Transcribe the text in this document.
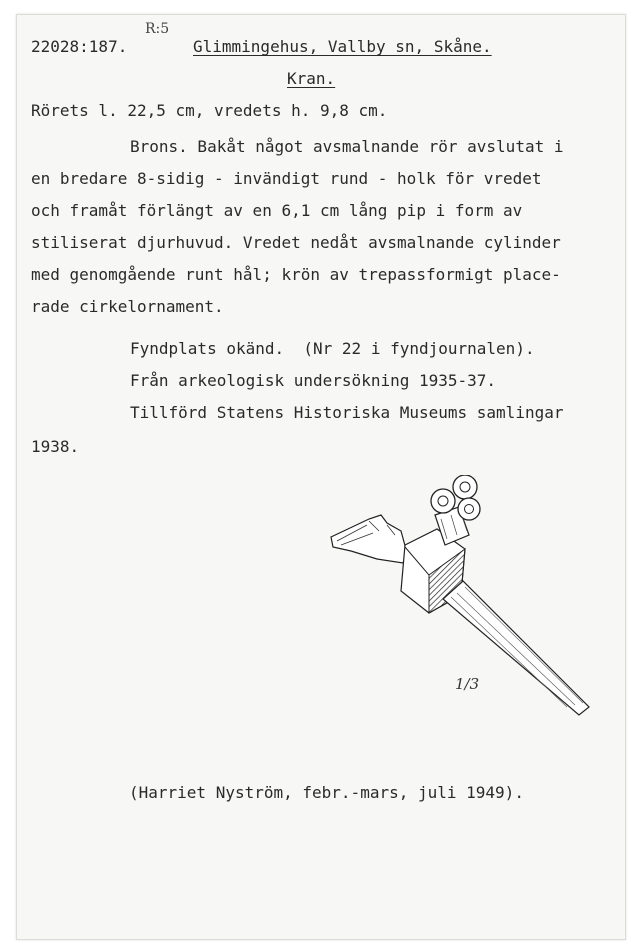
22028:187.
R:5
Glimmingehus, Vallby sn, Skåne.
Kran.
Rörets l. 22,5 cm, vredets h. 9,8 cm.
Brons. Bakåt något avsmalnande rör avslutat i
en bredare 8-sidig - invändigt rund - holk för vredet
och framåt förlängt av en 6,1 cm lång pip i form av
stiliserat djurhuvud. Vredet nedåt avsmalnande cylinder
med genomgående runt hål; krön av trepassformigt place-
rade cirkelornament.
Fyndplats okänd.  (Nr 22 i fyndjournalen).
Från arkeologisk undersökning 1935-37.
Tillförd Statens Historiska Museums samlingar
1938.
1/3
(Harriet Nyström, febr.-mars, juli 1949).
